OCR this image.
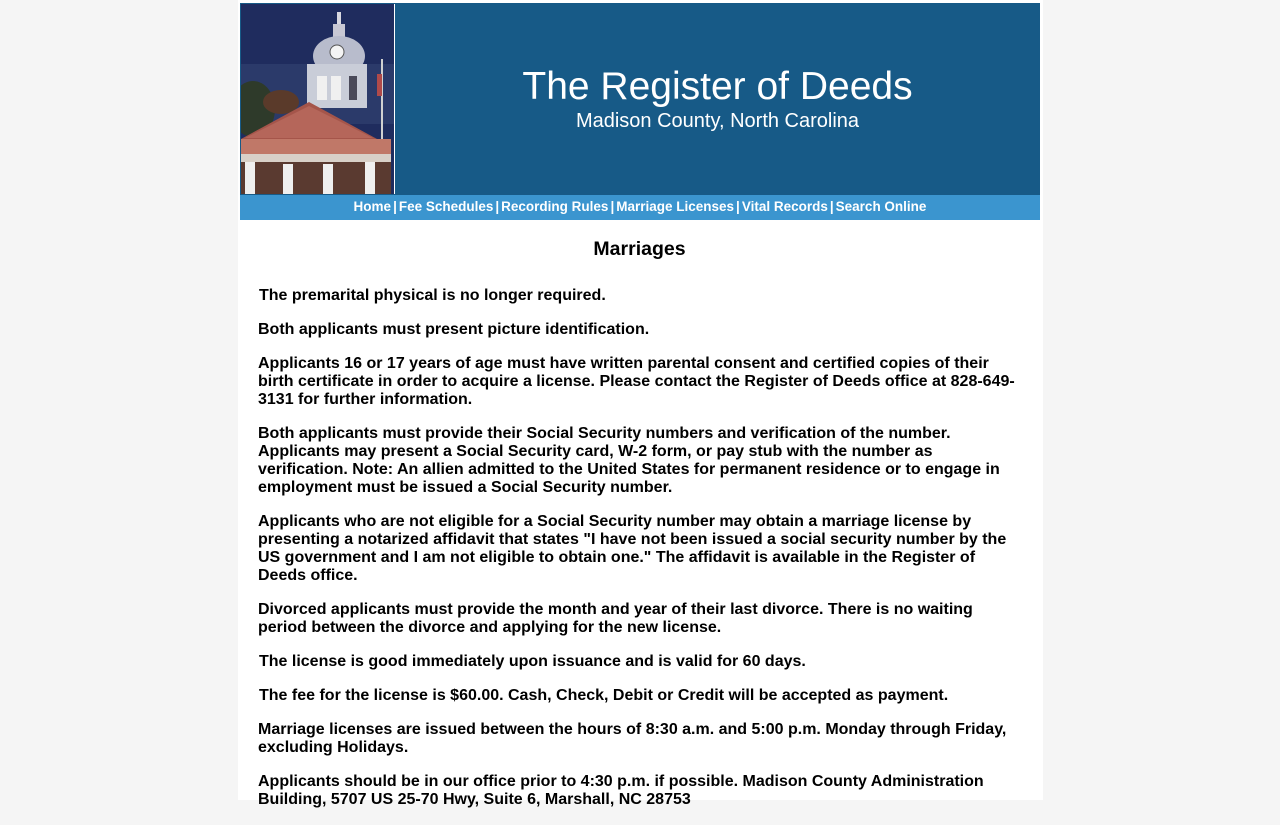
The Register of Deeds
Madison County, North Carolina
Home | Fee Schedules | Recording Rules | Marriage Licenses | Vital Records | Search Online
Marriages

The premarital physical is no longer required.

Both applicants must present picture identification.

Applicants 16 or 17 years of age must have written parental consent and certified copies of their birth certificate in order to acquire a license. Please contact the Register of Deeds office at 828-649-3131 for further information.

Both applicants must provide their Social Security numbers and verification of the number. Applicants may present a Social Security card, W-2 form, or pay stub with the number as verification. Note: An allien admitted to the United States for permanent residence or to engage in employment must be issued a Social Security number.

Applicants who are not eligible for a Social Security number may obtain a marriage license by presenting a notarized affidavit that states "I have not been issued a social security number by the US government and I am not eligible to obtain one." The affidavit is available in the Register of Deeds office.

Divorced applicants must provide the month and year of their last divorce. There is no waiting period between the divorce and applying for the new license.

The license is good immediately upon issuance and is valid for 60 days.

The fee for the license is $60.00. Cash, Check, Debit or Credit will be accepted as payment.

Marriage licenses are issued between the hours of 8:30 a.m. and 5:00 p.m. Monday through Friday, excluding Holidays.

Applicants should be in our office prior to 4:30 p.m. if possible. Madison County Administration Building, 5707 US 25-70 Hwy, Suite 6, Marshall, NC 28753
